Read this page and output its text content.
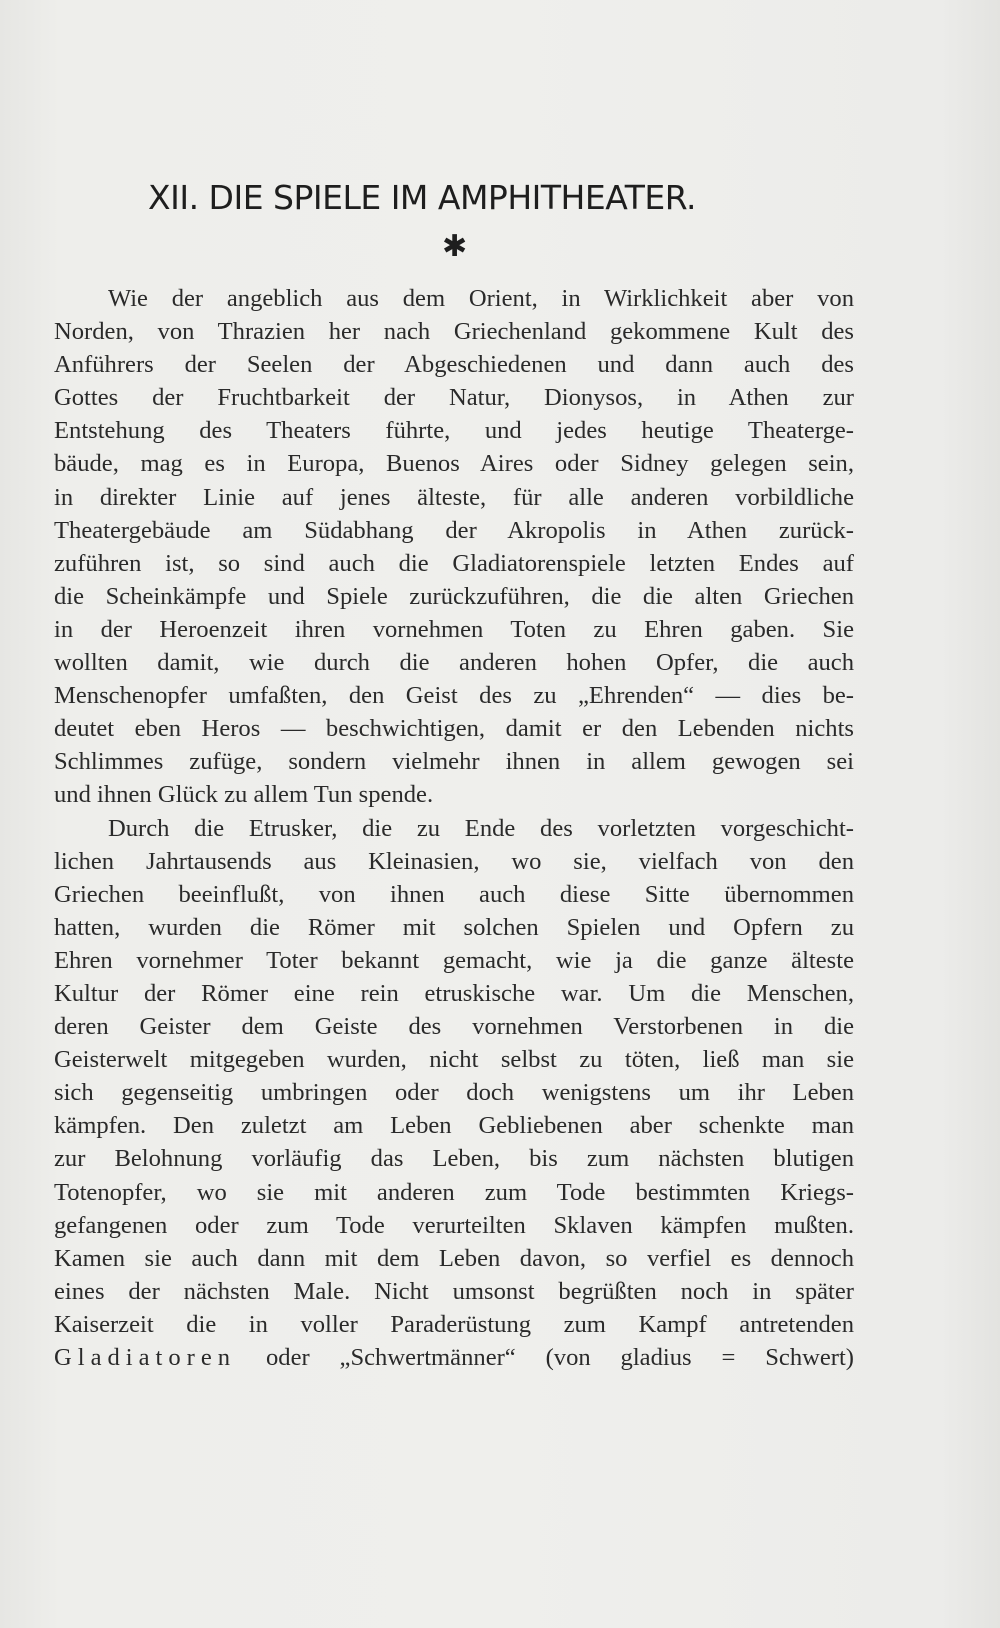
XII. DIE SPIELE IM AMPHITHEATER.
✱
Wie der angeblich aus dem Orient, in Wirklichkeit aber von
Norden, von Thrazien her nach Griechenland gekommene Kult des
Anführers der Seelen der Abgeschiedenen und dann auch des
Gottes der Fruchtbarkeit der Natur, Dionysos, in Athen zur
Entstehung des Theaters führte, und jedes heutige Theaterge-
bäude, mag es in Europa, Buenos Aires oder Sidney gelegen sein,
in direkter Linie auf jenes älteste, für alle anderen vorbildliche
Theatergebäude am Südabhang der Akropolis in Athen zurück-
zuführen ist, so sind auch die Gladiatorenspiele letzten Endes auf
die Scheinkämpfe und Spiele zurückzuführen, die die alten Griechen
in der Heroenzeit ihren vornehmen Toten zu Ehren gaben. Sie
wollten damit, wie durch die anderen hohen Opfer, die auch
Menschenopfer umfaßten, den Geist des zu „Ehrenden“ — dies be-
deutet eben Heros — beschwichtigen, damit er den Lebenden nichts
Schlimmes zufüge, sondern vielmehr ihnen in allem gewogen sei
und ihnen Glück zu allem Tun spende.
Durch die Etrusker, die zu Ende des vorletzten vorgeschicht-
lichen Jahrtausends aus Kleinasien, wo sie, vielfach von den
Griechen beeinflußt, von ihnen auch diese Sitte übernommen
hatten, wurden die Römer mit solchen Spielen und Opfern zu
Ehren vornehmer Toter bekannt gemacht, wie ja die ganze älteste
Kultur der Römer eine rein etruskische war. Um die Menschen,
deren Geister dem Geiste des vornehmen Verstorbenen in die
Geisterwelt mitgegeben wurden, nicht selbst zu töten, ließ man sie
sich gegenseitig umbringen oder doch wenigstens um ihr Leben
kämpfen. Den zuletzt am Leben Gebliebenen aber schenkte man
zur Belohnung vorläufig das Leben, bis zum nächsten blutigen
Totenopfer, wo sie mit anderen zum Tode bestimmten Kriegs-
gefangenen oder zum Tode verurteilten Sklaven kämpfen mußten.
Kamen sie auch dann mit dem Leben davon, so verfiel es dennoch
eines der nächsten Male. Nicht umsonst begrüßten noch in später
Kaiserzeit die in voller Paraderüstung zum Kampf antretenden
Gladiatoren oder „Schwertmänner“ (von gladius = Schwert)
